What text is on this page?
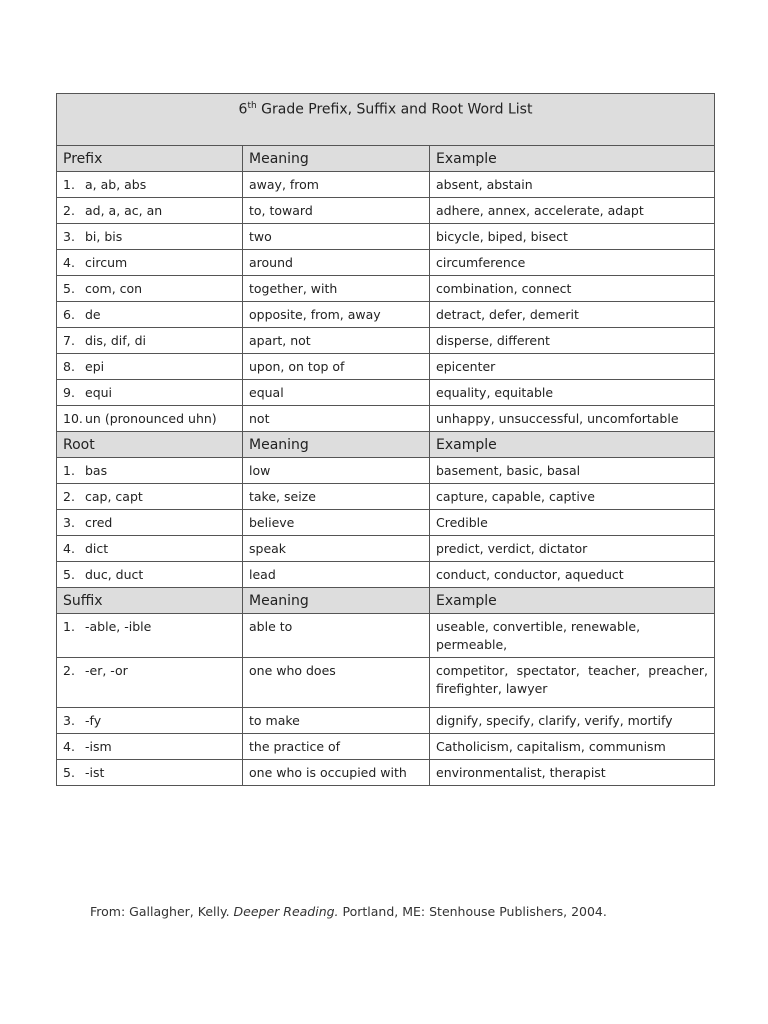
6th Grade Prefix, Suffix and Root Word List		
Prefix	Meaning	Example
1. a, ab, abs	away, from	absent, abstain
2. ad, a, ac, an	to, toward	adhere, annex, accelerate, adapt
3. bi, bis	two	bicycle, biped, bisect
4. circum	around	circumference
5. com, con	together, with	combination, connect
6. de	opposite, from, away	detract, defer, demerit
7. dis, dif, di	apart, not	disperse, different
8. epi	upon, on top of	epicenter
9. equi	equal	equality, equitable
10. un (pronounced uhn)	not	unhappy, unsuccessful, uncomfortable
Root	Meaning	Example
1. bas	low	basement, basic, basal
2. cap, capt	take, seize	capture, capable, captive
3. cred	believe	Credible
4. dict	speak	predict, verdict, dictator
5. duc, duct	lead	conduct, conductor, aqueduct
Suffix	Meaning	Example
1. -able, -ible	able to	useable, convertible, renewable, permeable,
2. -er, -or	one who does	competitor, spectator, teacher, preacher, firefighter, lawyer
3. -fy	to make	dignify, specify, clarify, verify, mortify
4. -ism	the practice of	Catholicism, capitalism, communism
5. -ist	one who is occupied with	environmentalist, therapist
From: Gallagher, Kelly. Deeper Reading. Portland, ME: Stenhouse Publishers, 2004.
